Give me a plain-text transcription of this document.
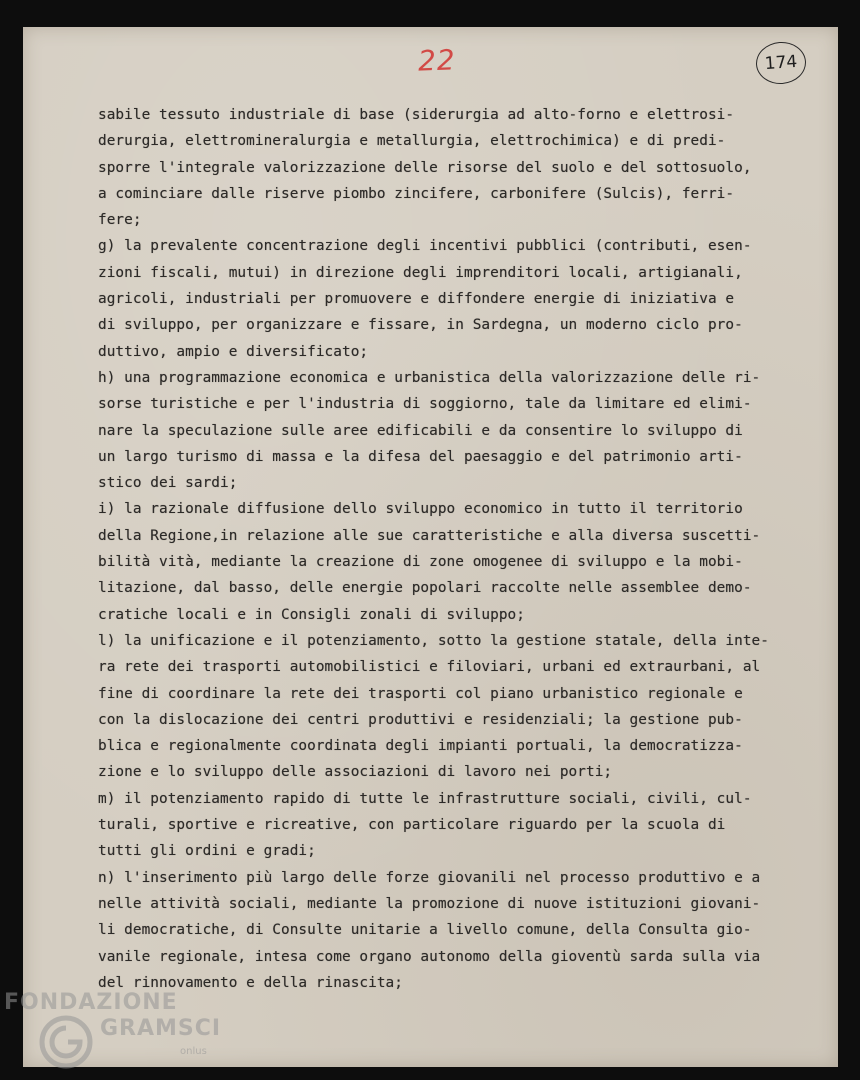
22	174
sabile tessuto industriale di base (siderurgia ad alto-forno e elettrosi-
derurgia, elettromineralurgia e metallurgia, elettrochimica) e di predi-
sporre l'integrale valorizzazione delle risorse del suolo e del sottosuolo,
a cominciare dalle riserve piombo zincifere, carbonifere (Sulcis), ferri-
fere;
g) la prevalente concentrazione degli incentivi pubblici (contributi, esen-
zioni fiscali, mutui) in direzione degli imprenditori locali, artigianali,
agricoli, industriali per promuovere e diffondere energie di iniziativa e
di sviluppo, per organizzare e fissare, in Sardegna, un moderno ciclo pro-
duttivo, ampio e diversificato;
h) una programmazione economica e urbanistica della valorizzazione delle ri-
sorse turistiche e per l'industria di soggiorno, tale da limitare ed elimi-
nare la speculazione sulle aree edificabili e da consentire lo sviluppo di
un largo turismo di massa e la difesa del paesaggio e del patrimonio arti-
stico dei sardi;
i) la razionale diffusione dello sviluppo economico in tutto il territorio
della Regione,in relazione alle sue caratteristiche e alla diversa suscetti-
bilità vità, mediante la creazione di zone omogenee di sviluppo e la mobi-
litazione, dal basso, delle energie popolari raccolte nelle assemblee demo-
cratiche locali e in Consigli zonali di sviluppo;
l) la unificazione e il potenziamento, sotto la gestione statale, della inte-
ra rete dei trasporti automobilistici e filoviari, urbani ed extraurbani, al
fine di coordinare la rete dei trasporti col piano urbanistico regionale e
con la dislocazione dei centri produttivi e residenziali; la gestione pub-
blica e regionalmente coordinata degli impianti portuali, la democratizza-
zione e lo sviluppo delle associazioni di lavoro nei porti;
m) il potenziamento rapido di tutte le infrastrutture sociali, civili, cul-
turali, sportive e ricreative, con particolare riguardo per la scuola di
tutti gli ordini e gradi;
n) l'inserimento più largo delle forze giovanili nel processo produttivo e a
nelle attività sociali, mediante la promozione di nuove istituzioni giovani-
li democratiche, di Consulte unitarie a livello comune, della Consulta gio-
vanile regionale, intesa come organo autonomo della gioventù sarda sulla via
del rinnovamento e della rinascita;
FONDAZIONE
GRAMSCI
onlus
